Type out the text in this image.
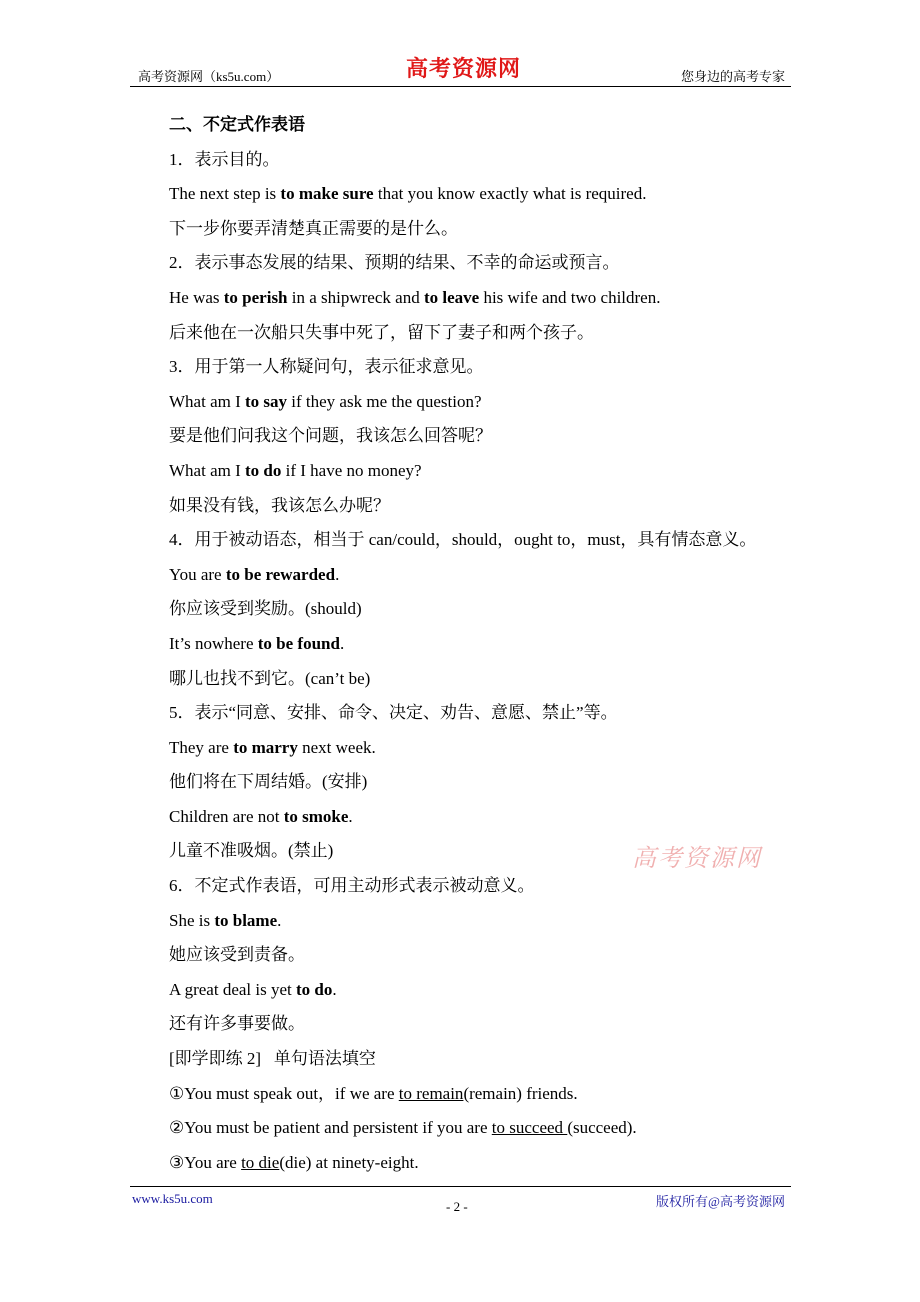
高考资源网（ks5u.com）	高考资源网	您身边的高考专家
二、不定式作表语
1．表示目的。
The next step is to make sure that you know exactly what is required.
下一步你要弄清楚真正需要的是什么。
2．表示事态发展的结果、预期的结果、不幸的命运或预言。
He was to perish in a shipwreck and to leave his wife and two children.
后来他在一次船只失事中死了，留下了妻子和两个孩子。
3．用于第一人称疑问句，表示征求意见。
What am I to say if they ask me the question?
要是他们问我这个问题，我该怎么回答呢？
What am I to do if I have no money?
如果没有钱，我该怎么办呢？
4．用于被动语态，相当于 can/could，should，ought to，must，具有情态意义。
You are to be rewarded.
你应该受到奖励。(should)
It’s nowhere to be found.
哪儿也找不到它。(can’t be)
5．表示“同意、安排、命令、决定、劝告、意愿、禁止”等。
They are to marry next week.
他们将在下周结婚。(安排)
Children are not to smoke.
儿童不准吸烟。(禁止)
6．不定式作表语，可用主动形式表示被动意义。
She is to blame.
她应该受到责备。
A great deal is yet to do.
还有许多事要做。
[即学即练 2] 单句语法填空
①You must speak out，if we are to remain(remain) friends.
②You must be patient and persistent if you are to succeed (succeed).
③You are to die(die) at ninety-eight.
高考资源网
www.ks5u.com
- 2 -	版权所有@高考资源网
